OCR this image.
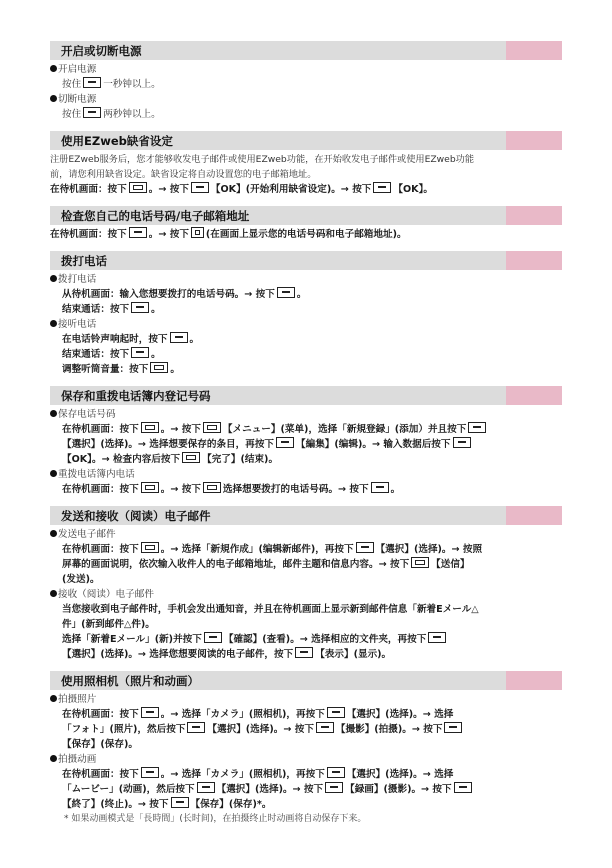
开启或切断电源
开启电源
按住 一秒钟以上。
切断电源
按住 两秒钟以上。
使用EZweb缺省设定
注册EZweb服务后，您才能够收发电子邮件或使用EZweb功能，在开始收发电子邮件或使用EZweb功能
前，请您利用缺省设定。缺省设定将自动设置您的电子邮箱地址。
在待机画面：按下 。→ 按下 【OK】(开始利用缺省设定)。→ 按下 【OK】。
检查您自己的电话号码/电子邮箱地址
在待机画面：按下 。→ 按下 (在画面上显示您的电话号码和电子邮箱地址)。
拨打电话
拨打电话
从待机画面：输入您想要拨打的电话号码。→ 按下 。
结束通话：按下 。
接听电话
在电话铃声响起时，按下 。
结束通话：按下 。
调整听筒音量：按下 。
保存和重拨电话簿内登记号码
保存电话号码
在待机画面：按下 。→ 按下 【メニュー】(菜单)，选择「新規登録」(添加）并且按下
【選択】(选择)。→ 选择想要保存的条目，再按下 【編集】(编辑)。→ 输入数据后按下
【OK】。→ 检查内容后按下 【完了】(结束)。
重拨电话簿内电话
在待机画面：按下 。→ 按下 选择想要拨打的电话号码。→ 按下 。
发送和接收（阅读）电子邮件
发送电子邮件
在待机画面：按下 。→ 选择「新規作成」(编辑新邮件)，再按下 【選択】(选择)。→ 按照
屏幕的画面说明，依次输入收件人的电子邮箱地址，邮件主题和信息内容。→ 按下 【送信】
(发送)。
接收（阅读）电子邮件
当您接收到电子邮件时，手机会发出通知音，并且在待机画面上显示新到邮件信息「新着Eメール△
件」(新到邮件△件)。
选择「新着Eメール」(新)并按下 【確認】(查看)。→ 选择相应的文件夹，再按下
【選択】(选择)。→ 选择您想要阅读的电子邮件，按下 【表示】(显示)。
使用照相机（照片和动画）
拍摄照片
在待机画面：按下 。→ 选择「カメラ」(照相机)，再按下 【選択】(选择)。→ 选择
「フォト」(照片)，然后按下 【選択】(选择)。→ 按下 【撮影】(拍摄)。→ 按下
【保存】(保存)。
拍摄动画
在待机画面：按下 。→ 选择「カメラ」(照相机)，再按下 【選択】(选择)。→ 选择
「ムービー」(动画)，然后按下 【選択】(选择)。→ 按下 【録画】(摄影)。→ 按下
【終了】(终止)。→ 按下 【保存】(保存)*。
* 如果动画模式是「長時間」(长时间)，在拍摄终止时动画将自动保存下来。
